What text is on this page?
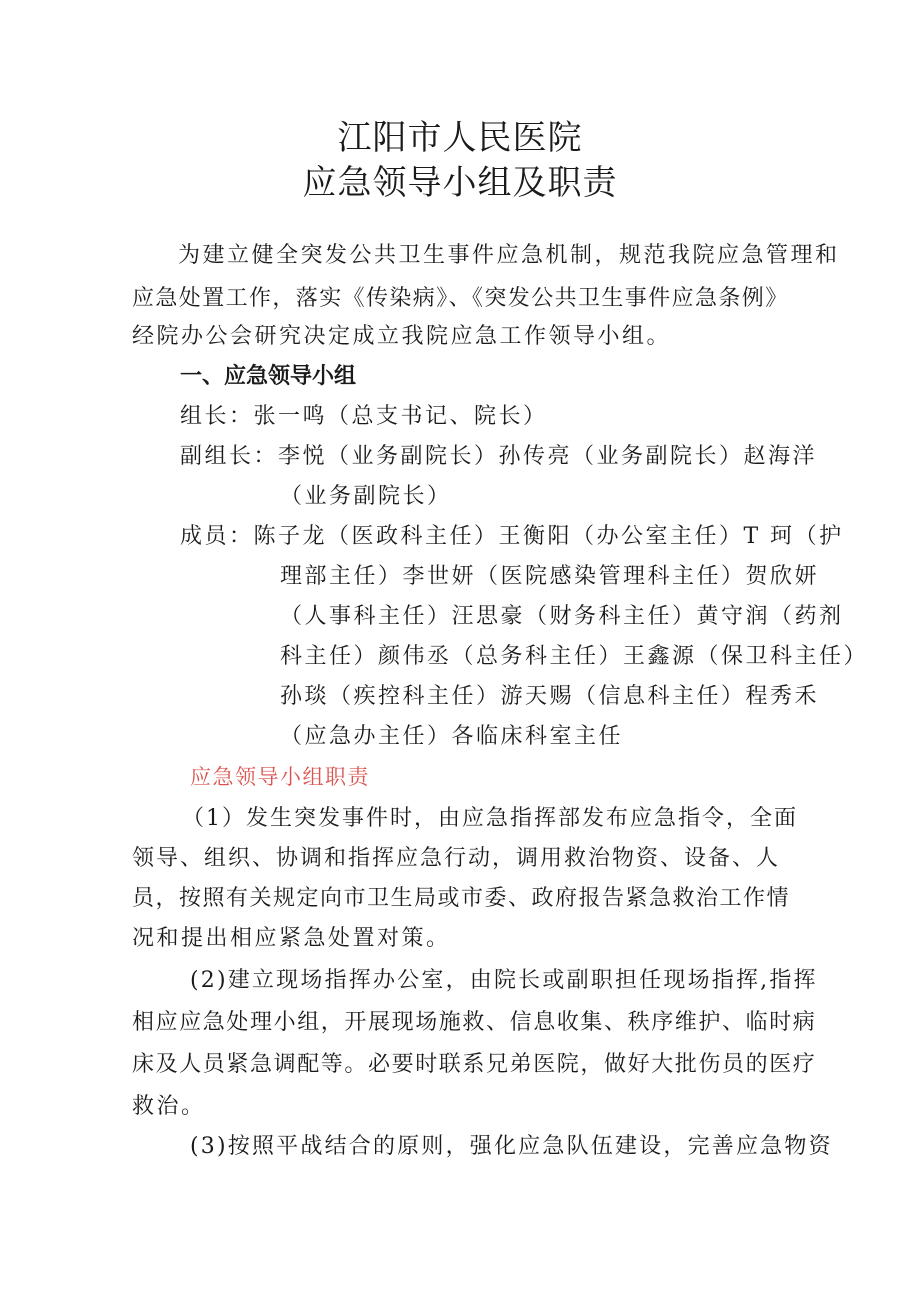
江阳市人民医院
应急领导小组及职责
为建立健全突发公共卫生事件应急机制，规范我院应急管理和
应急处置工作，落实《传染病》、《突发公共卫生事件应急条例》
经院办公会研究决定成立我院应急工作领导小组。
一、应急领导小组
组长：张一鸣（总支书记、院长）
副组长：李悦（业务副院长）孙传亮（业务副院长）赵海洋
（业务副院长）
成员：陈子龙（医政科主任）王衡阳（办公室主任）T 珂（护
理部主任）李世妍（医院感染管理科主任）贺欣妍
（人事科主任）汪思豪（财务科主任）黄守润（药剂
科主任）颜伟丞（总务科主任）王鑫源（保卫科主任）
孙琰（疾控科主任）游天赐（信息科主任）程秀禾
（应急办主任）各临床科室主任
应急领导小组职责
（1）发生突发事件时，由应急指挥部发布应急指令，全面
领导、组织、协调和指挥应急行动，调用救治物资、设备、人
员，按照有关规定向市卫生局或市委、政府报告紧急救治工作情
况和提出相应紧急处置对策。
(2)建立现场指挥办公室，由院长或副职担任现场指挥,指挥
相应应急处理小组，开展现场施救、信息收集、秩序维护、临时病
床及人员紧急调配等。必要时联系兄弟医院，做好大批伤员的医疗
救治。
(3)按照平战结合的原则，强化应急队伍建设，完善应急物资
